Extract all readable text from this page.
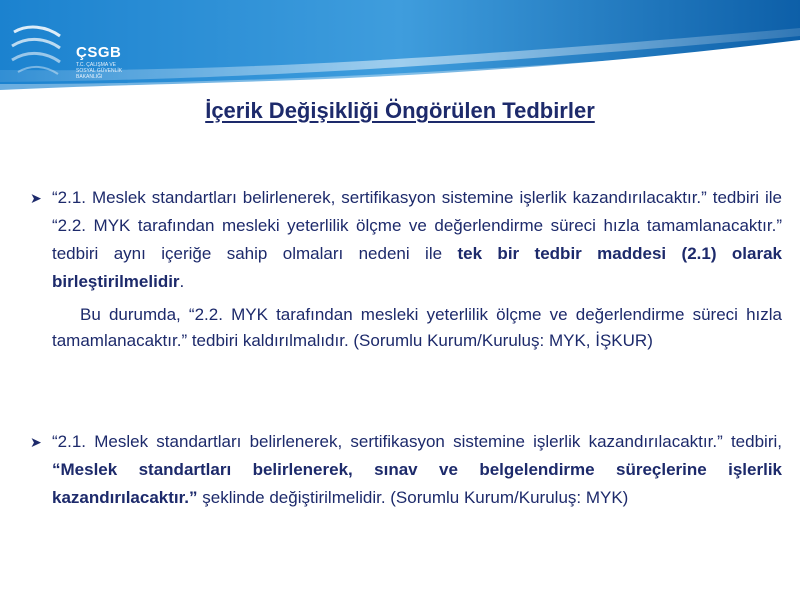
ÇSGB
T.C. ÇALIŞMA VE
SOSYAL GÜVENLİK
BAKANLIĞI
İçerik Değişikliği Öngörülen Tedbirler
➤ “2.1. Meslek standartları belirlenerek, sertifikasyon sistemine işlerlik kazandırılacaktır.” tedbiri ile “2.2. MYK tarafından mesleki yeterlilik ölçme ve değerlendirme süreci hızla tamamlanacaktır.” tedbiri aynı içeriğe sahip olmaları nedeni ile tek bir tedbir maddesi (2.1) olarak birleştirilmelidir.
Bu durumda, “2.2. MYK tarafından mesleki yeterlilik ölçme ve değerlendirme süreci hızla tamamlanacaktır.” tedbiri kaldırılmalıdır. (Sorumlu Kurum/Kuruluş: MYK, İŞKUR)
➤ “2.1. Meslek standartları belirlenerek, sertifikasyon sistemine işlerlik kazandırılacaktır.” tedbiri, “Meslek standartları belirlenerek, sınav ve belgelendirme süreçlerine işlerlik kazandırılacaktır.” şeklinde değiştirilmelidir. (Sorumlu Kurum/Kuruluş: MYK)
